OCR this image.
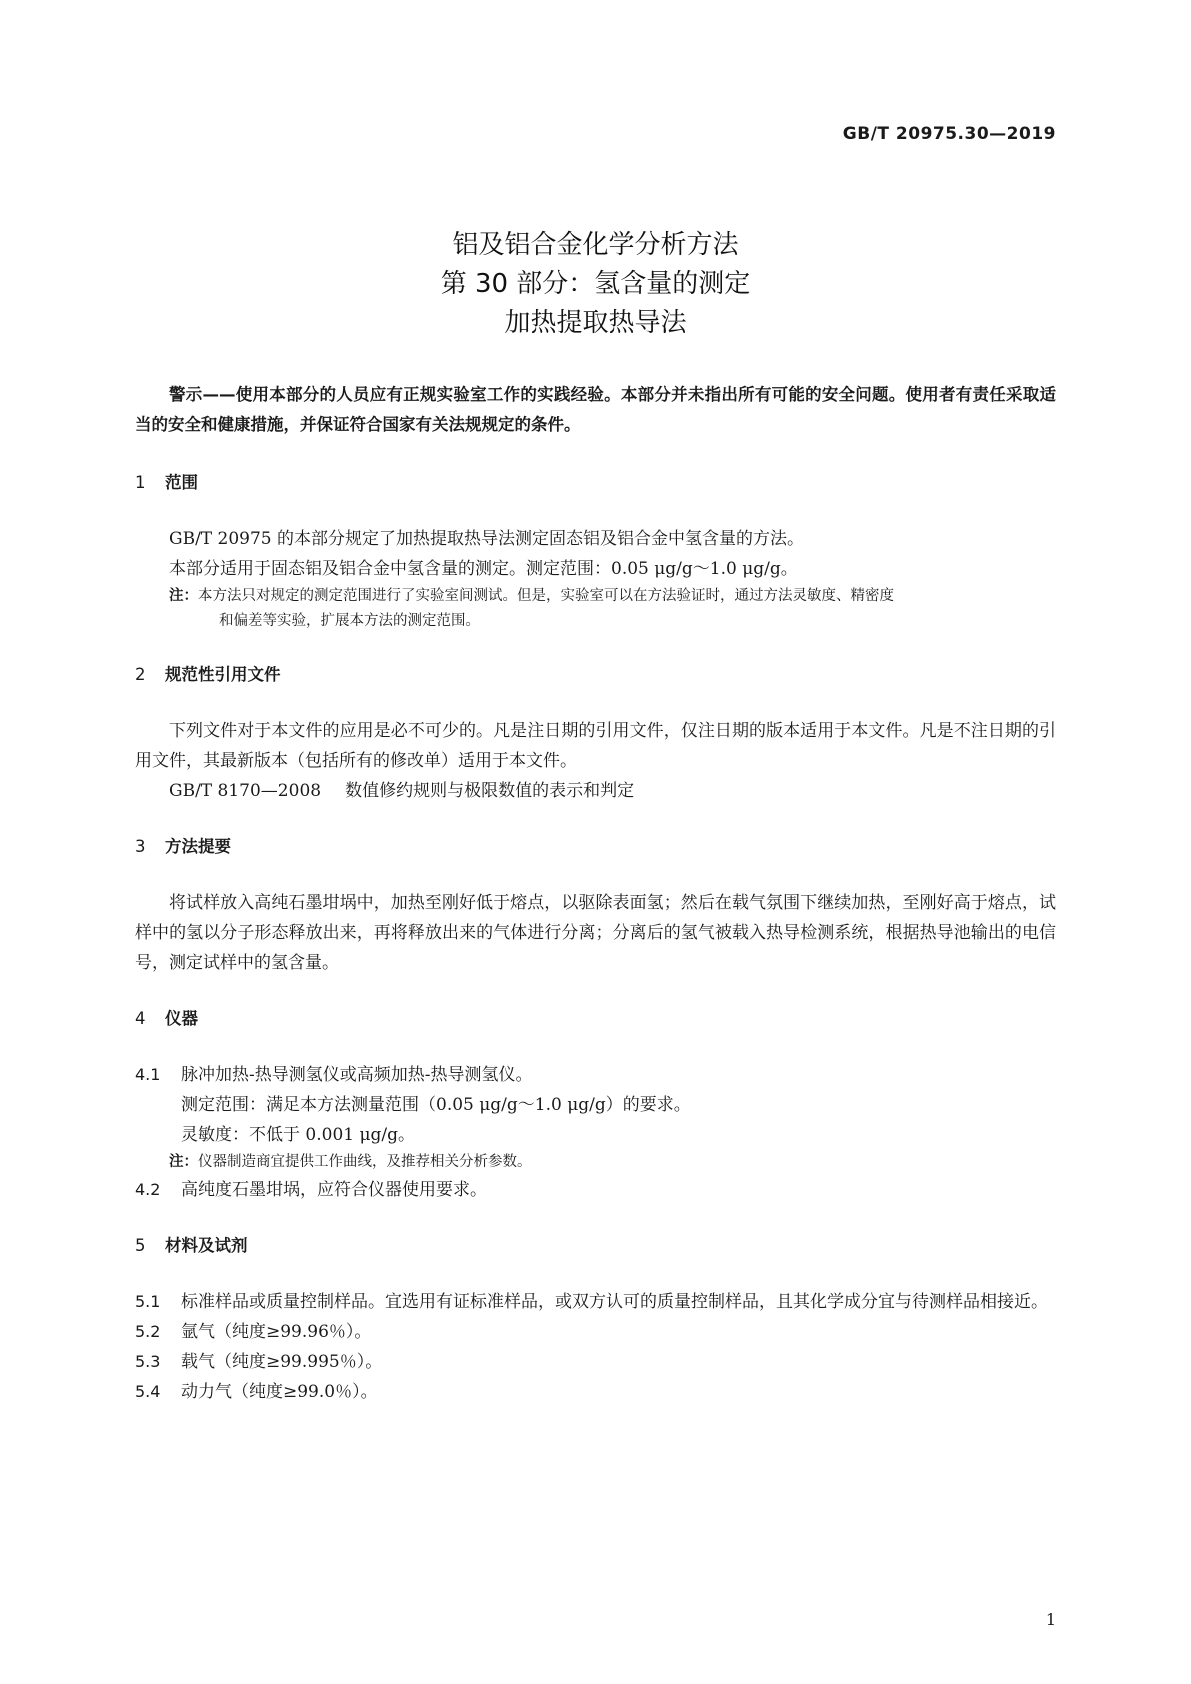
GB/T 20975.30—2019
铝及铝合金化学分析方法
第 30 部分：氢含量的测定
加热提取热导法

警示——使用本部分的人员应有正规实验室工作的实践经验。本部分并未指出所有可能的安全问题。使用者有责任采取适当的安全和健康措施，并保证符合国家有关法规规定的条件。

1 范围

GB/T 20975 的本部分规定了加热提取热导法测定固态铝及铝合金中氢含量的方法。

本部分适用于固态铝及铝合金中氢含量的测定。测定范围：0.05 μg/g～1.0 μg/g。

注：本方法只对规定的测定范围进行了实验室间测试。但是，实验室可以在方法验证时，通过方法灵敏度、精密度
和偏差等实验，扩展本方法的测定范围。

2 规范性引用文件

下列文件对于本文件的应用是必不可少的。凡是注日期的引用文件，仅注日期的版本适用于本文件。凡是不注日期的引用文件，其最新版本（包括所有的修改单）适用于本文件。

GB/T 8170—2008 数值修约规则与极限数值的表示和判定

3 方法提要

将试样放入高纯石墨坩埚中，加热至刚好低于熔点，以驱除表面氢；然后在载气氛围下继续加热，至刚好高于熔点，试样中的氢以分子形态释放出来，再将释放出来的气体进行分离；分离后的氢气被载入热导检测系统，根据热导池输出的电信号，测定试样中的氢含量。

4 仪器

4.1 脉冲加热-热导测氢仪或高频加热-热导测氢仪。

测定范围：满足本方法测量范围（0.05 μg/g～1.0 μg/g）的要求。

灵敏度：不低于 0.001 μg/g。

注：仪器制造商宜提供工作曲线，及推荐相关分析参数。

4.2 高纯度石墨坩埚，应符合仪器使用要求。

5 材料及试剂

5.1 标准样品或质量控制样品。宜选用有证标准样品，或双方认可的质量控制样品，且其化学成分宜与待测样品相接近。

5.2 氩气（纯度≥99.96％）。

5.3 载气（纯度≥99.995％）。

5.4 动力气（纯度≥99.0％）。

1
